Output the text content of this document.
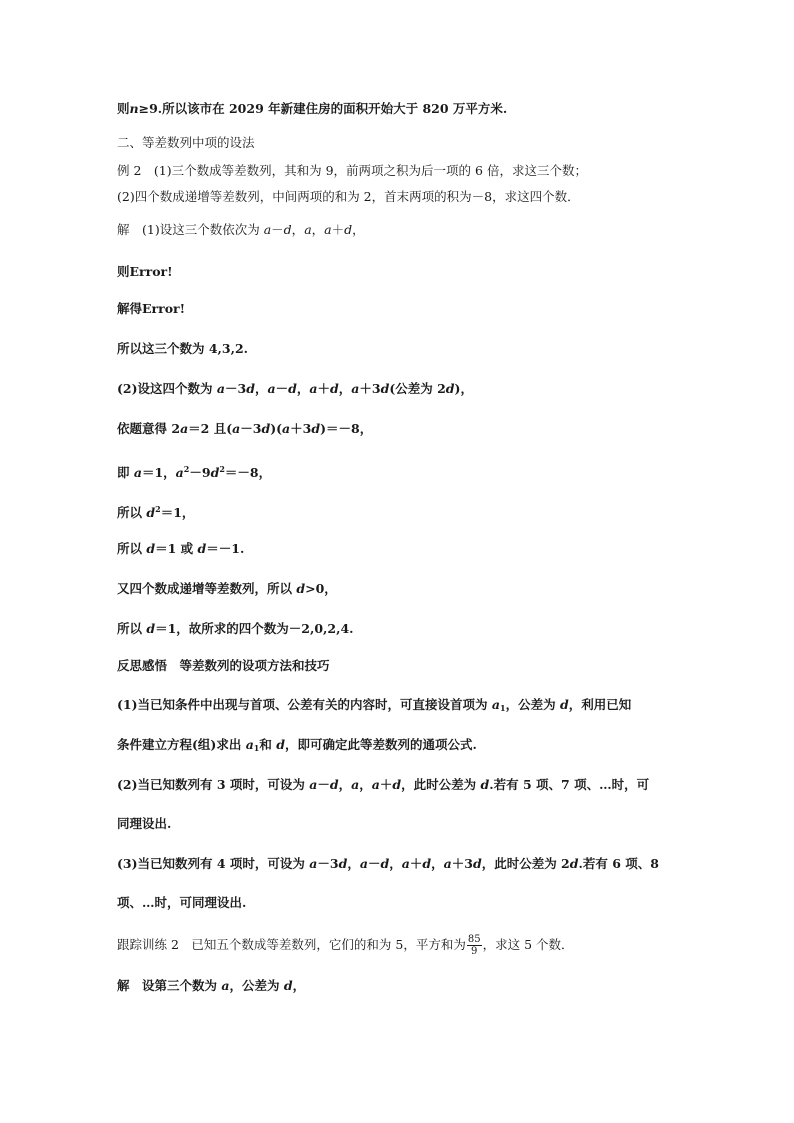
则n≥9.所以该市在 2029 年新建住房的面积开始大于 820 万平方米.
二、等差数列中项的设法
例 2　(1)三个数成等差数列，其和为 9，前两项之积为后一项的 6 倍，求这三个数；
(2)四个数成递增等差数列，中间两项的和为 2，首末两项的积为－8，求这四个数．
解　(1)设这三个数依次为 a－d，a，a＋d，
则Error!
解得Error!
所以这三个数为 4,3,2.
(2)设这四个数为 a－3d，a－d，a＋d，a＋3d(公差为 2d)，
依题意得 2a＝2 且(a－3d)(a＋3d)＝－8，
即 a＝1，$a^2-9d^2=-8$，
所以 $d^2=1$，
所以 d＝1 或 d＝－1.
又四个数成递增等差数列，所以 d>0，
所以 d＝1，故所求的四个数为－2,0,2,4.
反思感悟　等差数列的设项方法和技巧
(1)当已知条件中出现与首项、公差有关的内容时，可直接设首项为 $a_1$，公差为 d，利用已知
条件建立方程(组)求出 $a_1$和 d，即可确定此等差数列的通项公式.
(2)当已知数列有 3 项时，可设为 a－d，a，a＋d，此时公差为 d.若有 5 项、7 项、…时，可
同理设出.
(3)当已知数列有 4 项时，可设为 a－3d，a－d，a＋d，a＋3d，此时公差为 2d.若有 6 项、8
项、…时，可同理设出.
跟踪训练 2　已知五个数成等差数列，它们的和为 5，平方和为 $\frac{85}{9}$ ，求这 5 个数．
解　设第三个数为 a，公差为 d，
